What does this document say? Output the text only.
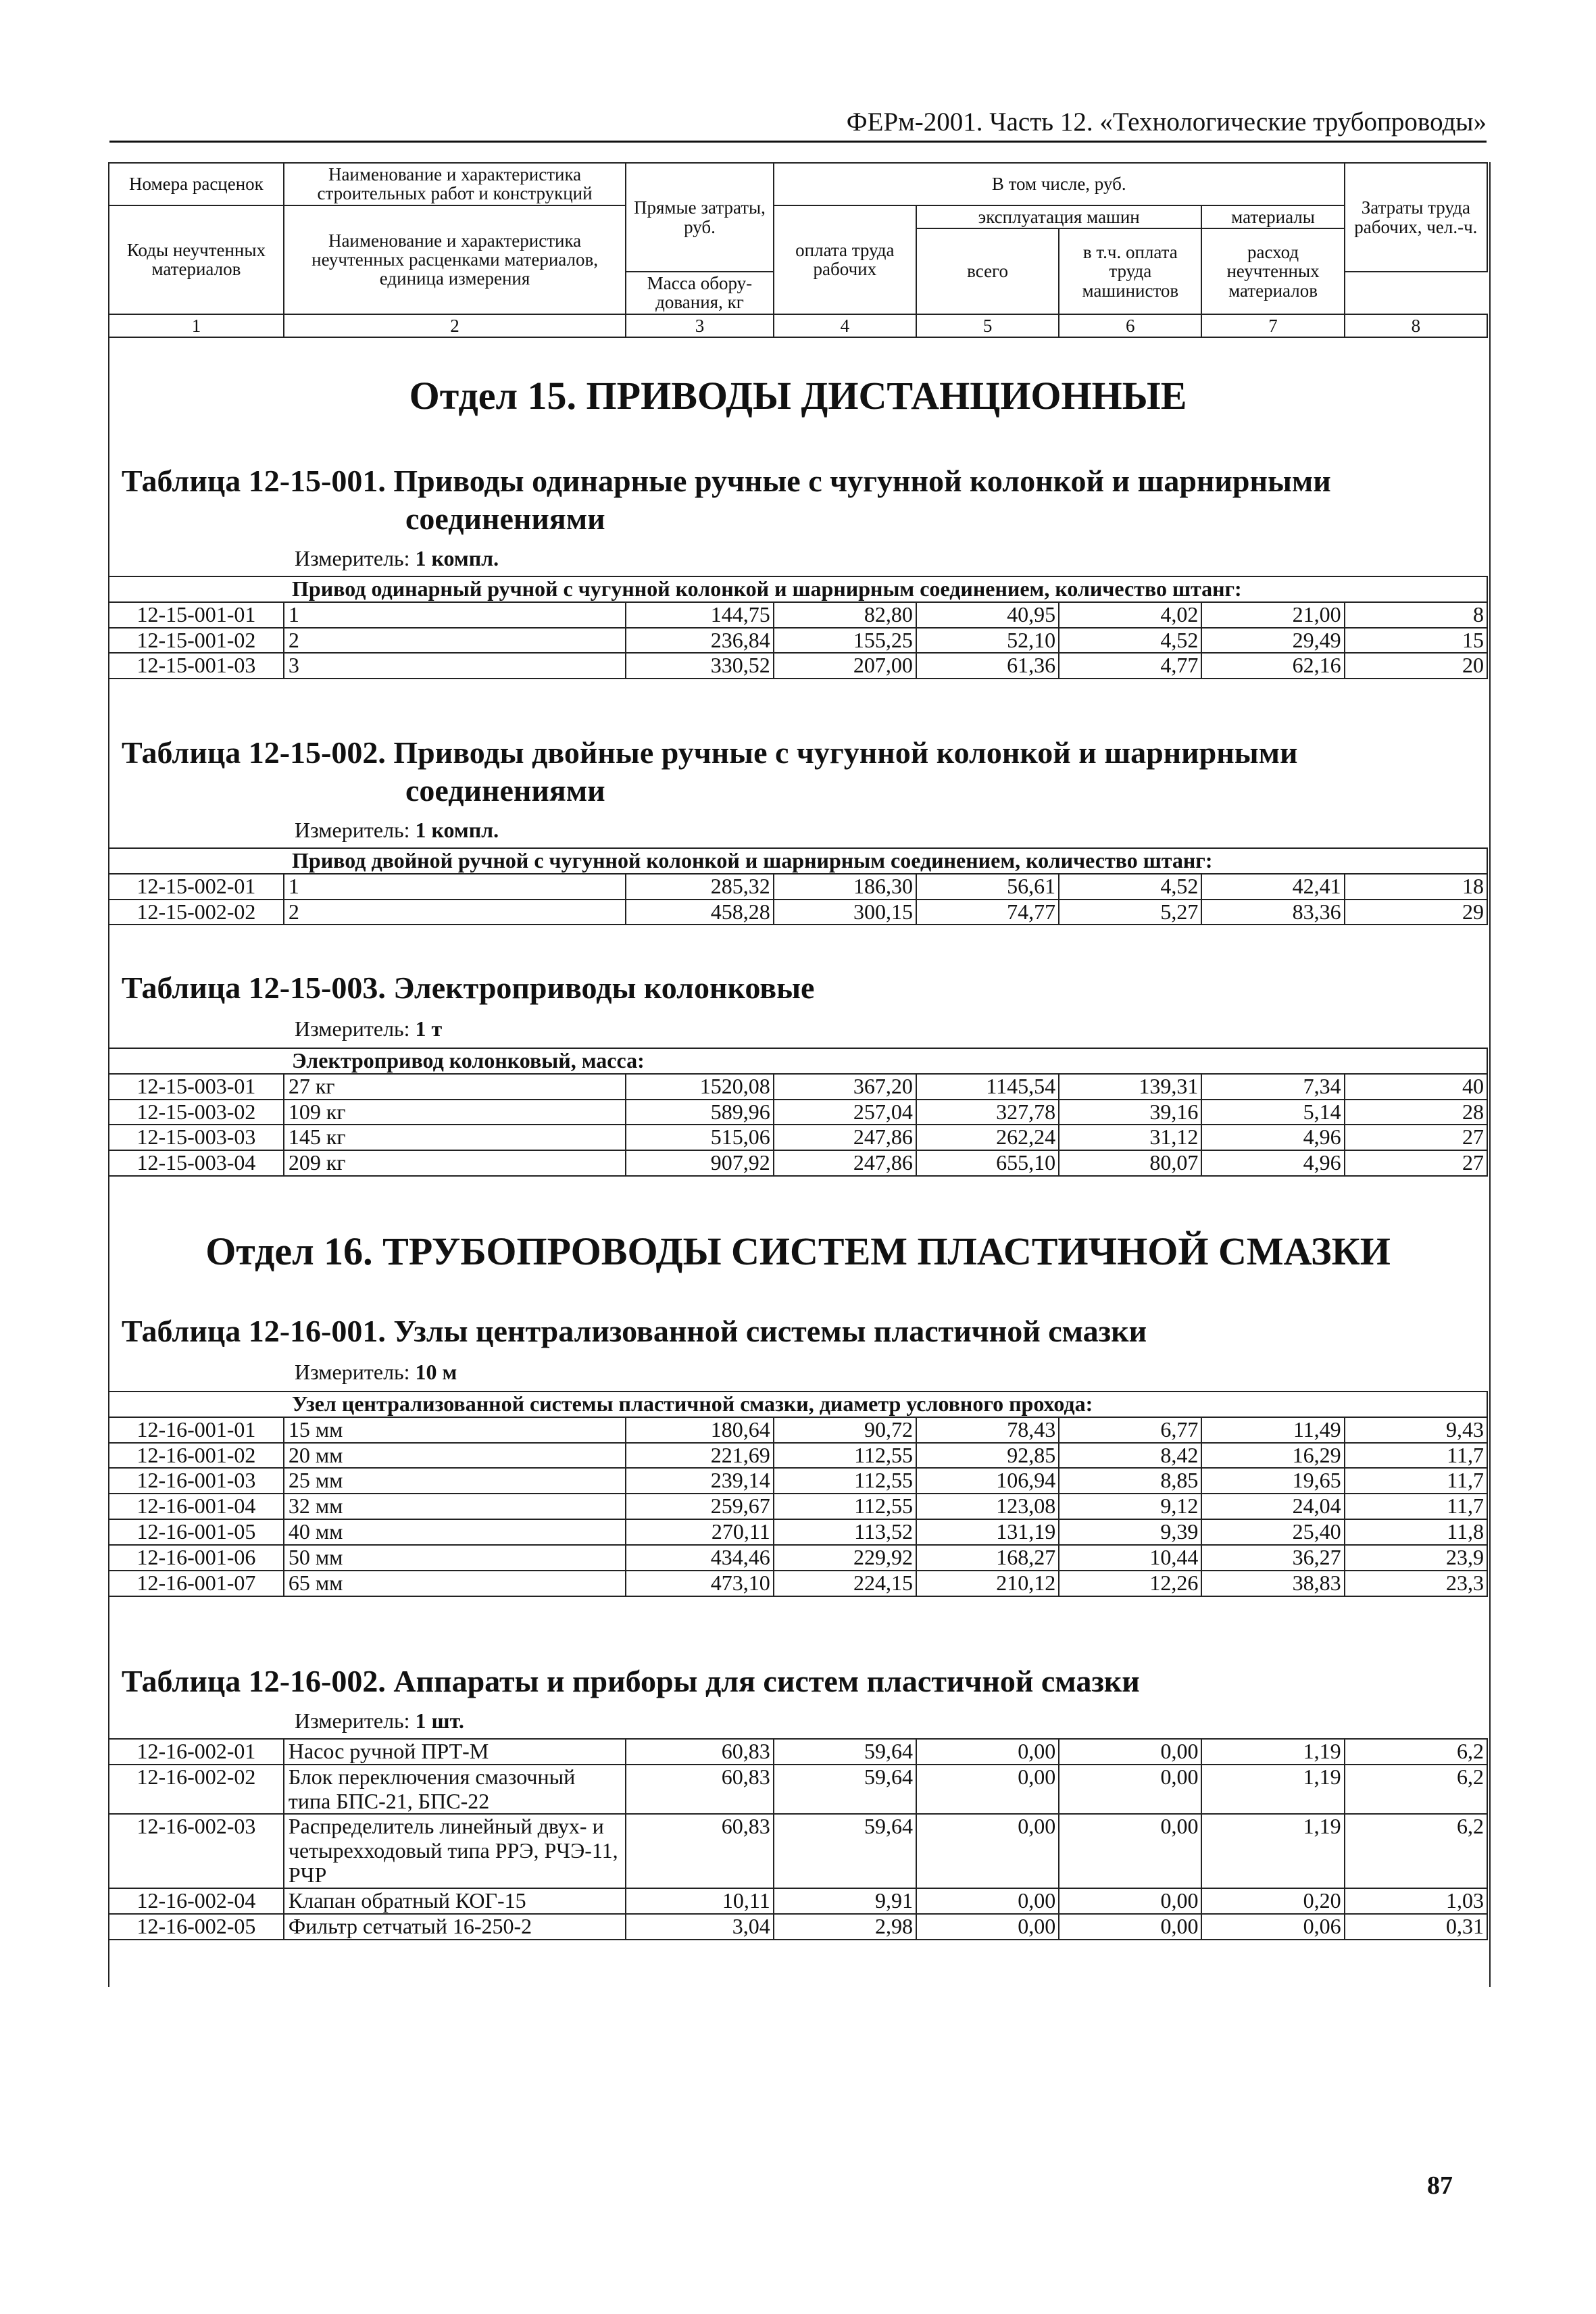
ФЕРм-2001. Часть 12. «Технологические трубопроводы»
Номера расценок	Наименование и характеристика строительных работ и конструкций	Прямые затраты, руб.	В том числе, руб.				Затраты труда рабочих, чел.-ч.
Коды неучтенных материалов	Наименование и характеристика неучтенных расценками материалов, единица измерения		оплата труда рабочих	эксплуатация машин		материалы	
				всего	в т.ч. оплата труда машинистов	расход неучтенных материалов	
		Масса обору-дования, кг					
1	2	3	4	5	6	7	8
Отдел 15. ПРИВОДЫ ДИСТАНЦИОННЫЕ
Таблица 12-15-001. Приводы одинарные ручные с чугунной колонкой и шарнирными
соединениями
Измеритель: 1 компл.
Привод одинарный ручной с чугунной колонкой и шарнирным соединением, количество штанг:							
12-15-001-01	1	144,75	82,80	40,95	4,02	21,00	8
12-15-001-02	2	236,84	155,25	52,10	4,52	29,49	15
12-15-001-03	3	330,52	207,00	61,36	4,77	62,16	20
Таблица 12-15-002. Приводы двойные ручные с чугунной колонкой и шарнирными
соединениями
Измеритель: 1 компл.
Привод двойной ручной с чугунной колонкой и шарнирным соединением, количество штанг:							
12-15-002-01	1	285,32	186,30	56,61	4,52	42,41	18
12-15-002-02	2	458,28	300,15	74,77	5,27	83,36	29
Таблица 12-15-003. Электроприводы колонковые
Измеритель: 1 т
Электропривод колонковый, масса:							
12-15-003-01	27 кг	1520,08	367,20	1145,54	139,31	7,34	40
12-15-003-02	109 кг	589,96	257,04	327,78	39,16	5,14	28
12-15-003-03	145 кг	515,06	247,86	262,24	31,12	4,96	27
12-15-003-04	209 кг	907,92	247,86	655,10	80,07	4,96	27
Отдел 16. ТРУБОПРОВОДЫ СИСТЕМ ПЛАСТИЧНОЙ СМАЗКИ
Таблица 12-16-001. Узлы централизованной системы пластичной смазки
Измеритель: 10 м
Узел централизованной системы пластичной смазки, диаметр условного прохода:							
12-16-001-01	15 мм	180,64	90,72	78,43	6,77	11,49	9,43
12-16-001-02	20 мм	221,69	112,55	92,85	8,42	16,29	11,7
12-16-001-03	25 мм	239,14	112,55	106,94	8,85	19,65	11,7
12-16-001-04	32 мм	259,67	112,55	123,08	9,12	24,04	11,7
12-16-001-05	40 мм	270,11	113,52	131,19	9,39	25,40	11,8
12-16-001-06	50 мм	434,46	229,92	168,27	10,44	36,27	23,9
12-16-001-07	65 мм	473,10	224,15	210,12	12,26	38,83	23,3
Таблица 12-16-002. Аппараты и приборы для систем пластичной смазки
Измеритель: 1 шт.
12-16-002-01	Насос ручной ПРТ-М	60,83	59,64	0,00	0,00	1,19	6,2
12-16-002-02	Блок переключения смазочный типа БПС-21, БПС-22	60,83	59,64	0,00	0,00	1,19	6,2
12-16-002-03	Распределитель линейный двух- и четырехходовый типа РРЭ, РЧЭ-11, РЧР	60,83	59,64	0,00	0,00	1,19	6,2
12-16-002-04	Клапан обратный КОГ-15	10,11	9,91	0,00	0,00	0,20	1,03
12-16-002-05	Фильтр сетчатый 16-250-2	3,04	2,98	0,00	0,00	0,06	0,31
87
